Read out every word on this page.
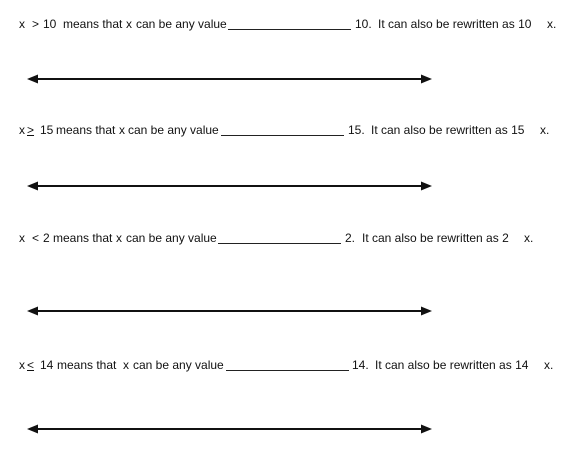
x > 10 means that x can be any value	10. It can also be rewritten as 10 x.
x > 15 means that x can be any value	15. It can also be rewritten as 15 x.
x < 2 means that x can be any value	2. It can also be rewritten as 2 x.
x < 14 means that x can be any value	14. It can also be rewritten as 14 x.
